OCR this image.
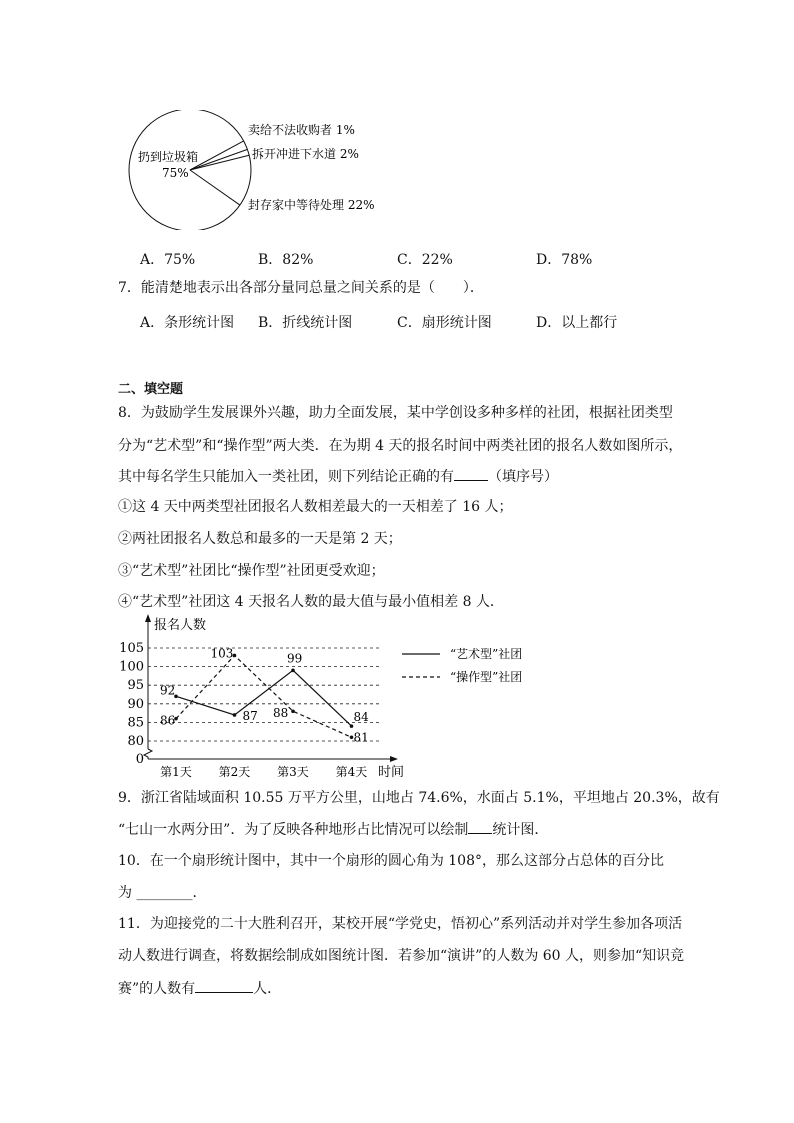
扔到垃圾箱
75%
卖给不法收购者 1%
拆开冲进下水道 2%
封存家中等待处理 22%
A．75%	B．82%	C．22%	D．78%
7．能清楚地表示出各部分量同总量之间关系的是（　　）．
A．条形统计图 B．折线统计图	C．扇形统计图	D．以上都行
二、填空题
8．为鼓励学生发展课外兴趣，助力全面发展，某中学创设多种多样的社团，根据社团类型
分为“艺术型”和“操作型”两大类．在为期 4 天的报名时间中两类社团的报名人数如图所示，
其中每名学生只能加入一类社团，则下列结论正确的有 （填序号）
①这 4 天中两类型社团报名人数相差最大的一天相差了 16 人；
②两社团报名人数总和最多的一天是第 2 天；
③“艺术型”社团比“操作型”社团更受欢迎；
④“艺术型”社团这 4 天报名人数的最大值与最小值相差 8 人．
0
80
85
90
95
100
105
第1天 第2天 第3天 第4天
92
87
99
84
86
103
88
81
“艺术型”社团
“操作型”社团
报名人数
时间
9．浙江省陆域面积 10.55 万平方公里，山地占 74.6%，水面占 5.1%，平坦地占 20.3%，故有
“七山一水两分田”．为了反映各种地形占比情况可以绘制 统计图．
10．在一个扇形统计图中，其中一个扇形的圆心角为 108°，那么这部分占总体的百分比
为 ________．
11．为迎接党的二十大胜利召开，某校开展“学党史，悟初心”系列活动并对学生参加各项活
动人数进行调查，将数据绘制成如图统计图．若参加“演讲”的人数为 60 人，则参加“知识竞
赛”的人数有	人．
